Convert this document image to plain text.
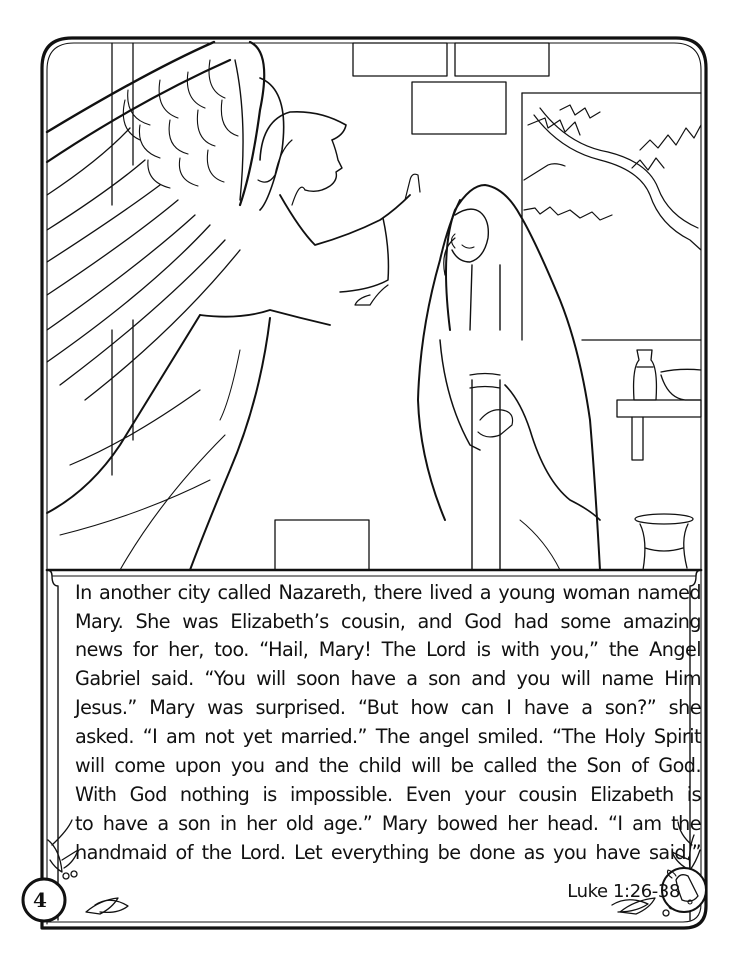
In another city called Nazareth, there lived a young woman named
Mary. She was Elizabeth’s cousin, and God had some amazing
news for her, too. “Hail, Mary! The Lord is with you,” the Angel
Gabriel said. “You will soon have a son and you will name Him
Jesus.” Mary was surprised. “But how can I have a son?” she
asked. “I am not yet married.” The angel smiled. “The Holy Spirit
will come upon you and the child will be called the Son of God.
With God nothing is impossible. Even your cousin Elizabeth is
to have a son in her old age.” Mary bowed her head. “I am the
handmaid of the Lord. Let everything be done as you have said.”
Luke 1:26-38
4
